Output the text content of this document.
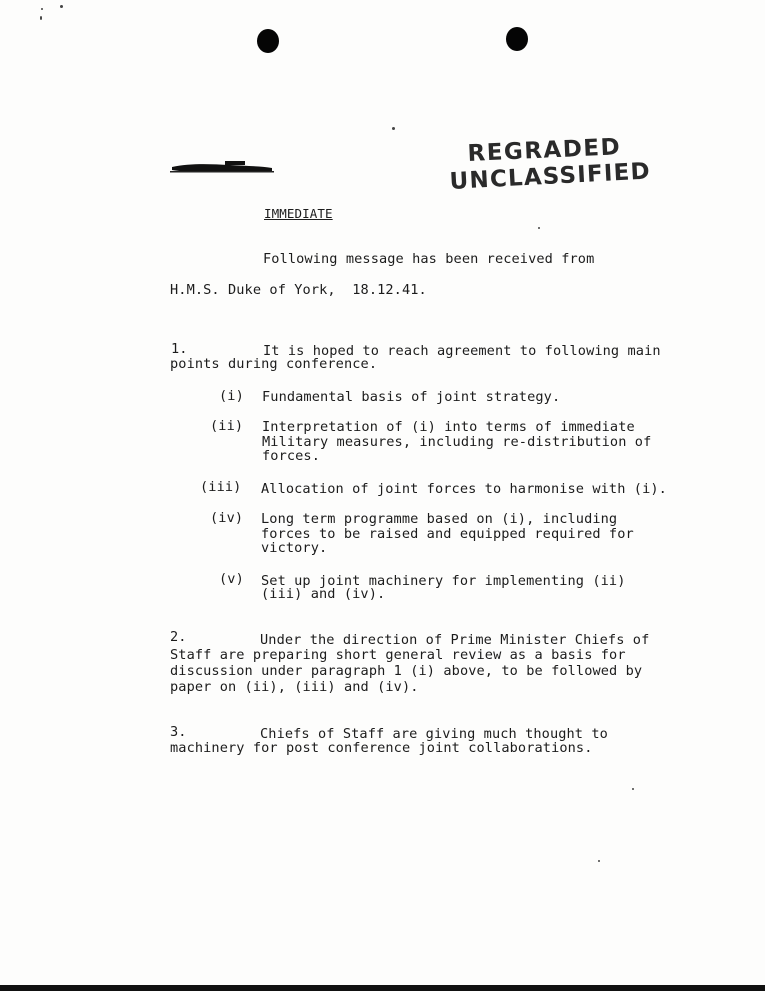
REGRADED
UNCLASSIFIED
IMMEDIATE
Following message has been received from
H.M.S. Duke of York,  18.12.41.
1.	It is hoped to reach agreement to following main
points during conference.
(i) Fundamental basis of joint strategy.
(ii) Interpretation of (i) into terms of immediate
Military measures, including re-distribution of
forces.
(iii) Allocation of joint forces to harmonise with (i).
(iv) Long term programme based on (i), including
forces to be raised and equipped required for
victory.
(v) Set up joint machinery for implementing (ii)
(iii) and (iv).
2.	Under the direction of Prime Minister Chiefs of
Staff are preparing short general review as a basis for
discussion under paragraph 1 (i) above, to be followed by
paper on (ii), (iii) and (iv).
3.	Chiefs of Staff are giving much thought to
machinery for post conference joint collaborations.
